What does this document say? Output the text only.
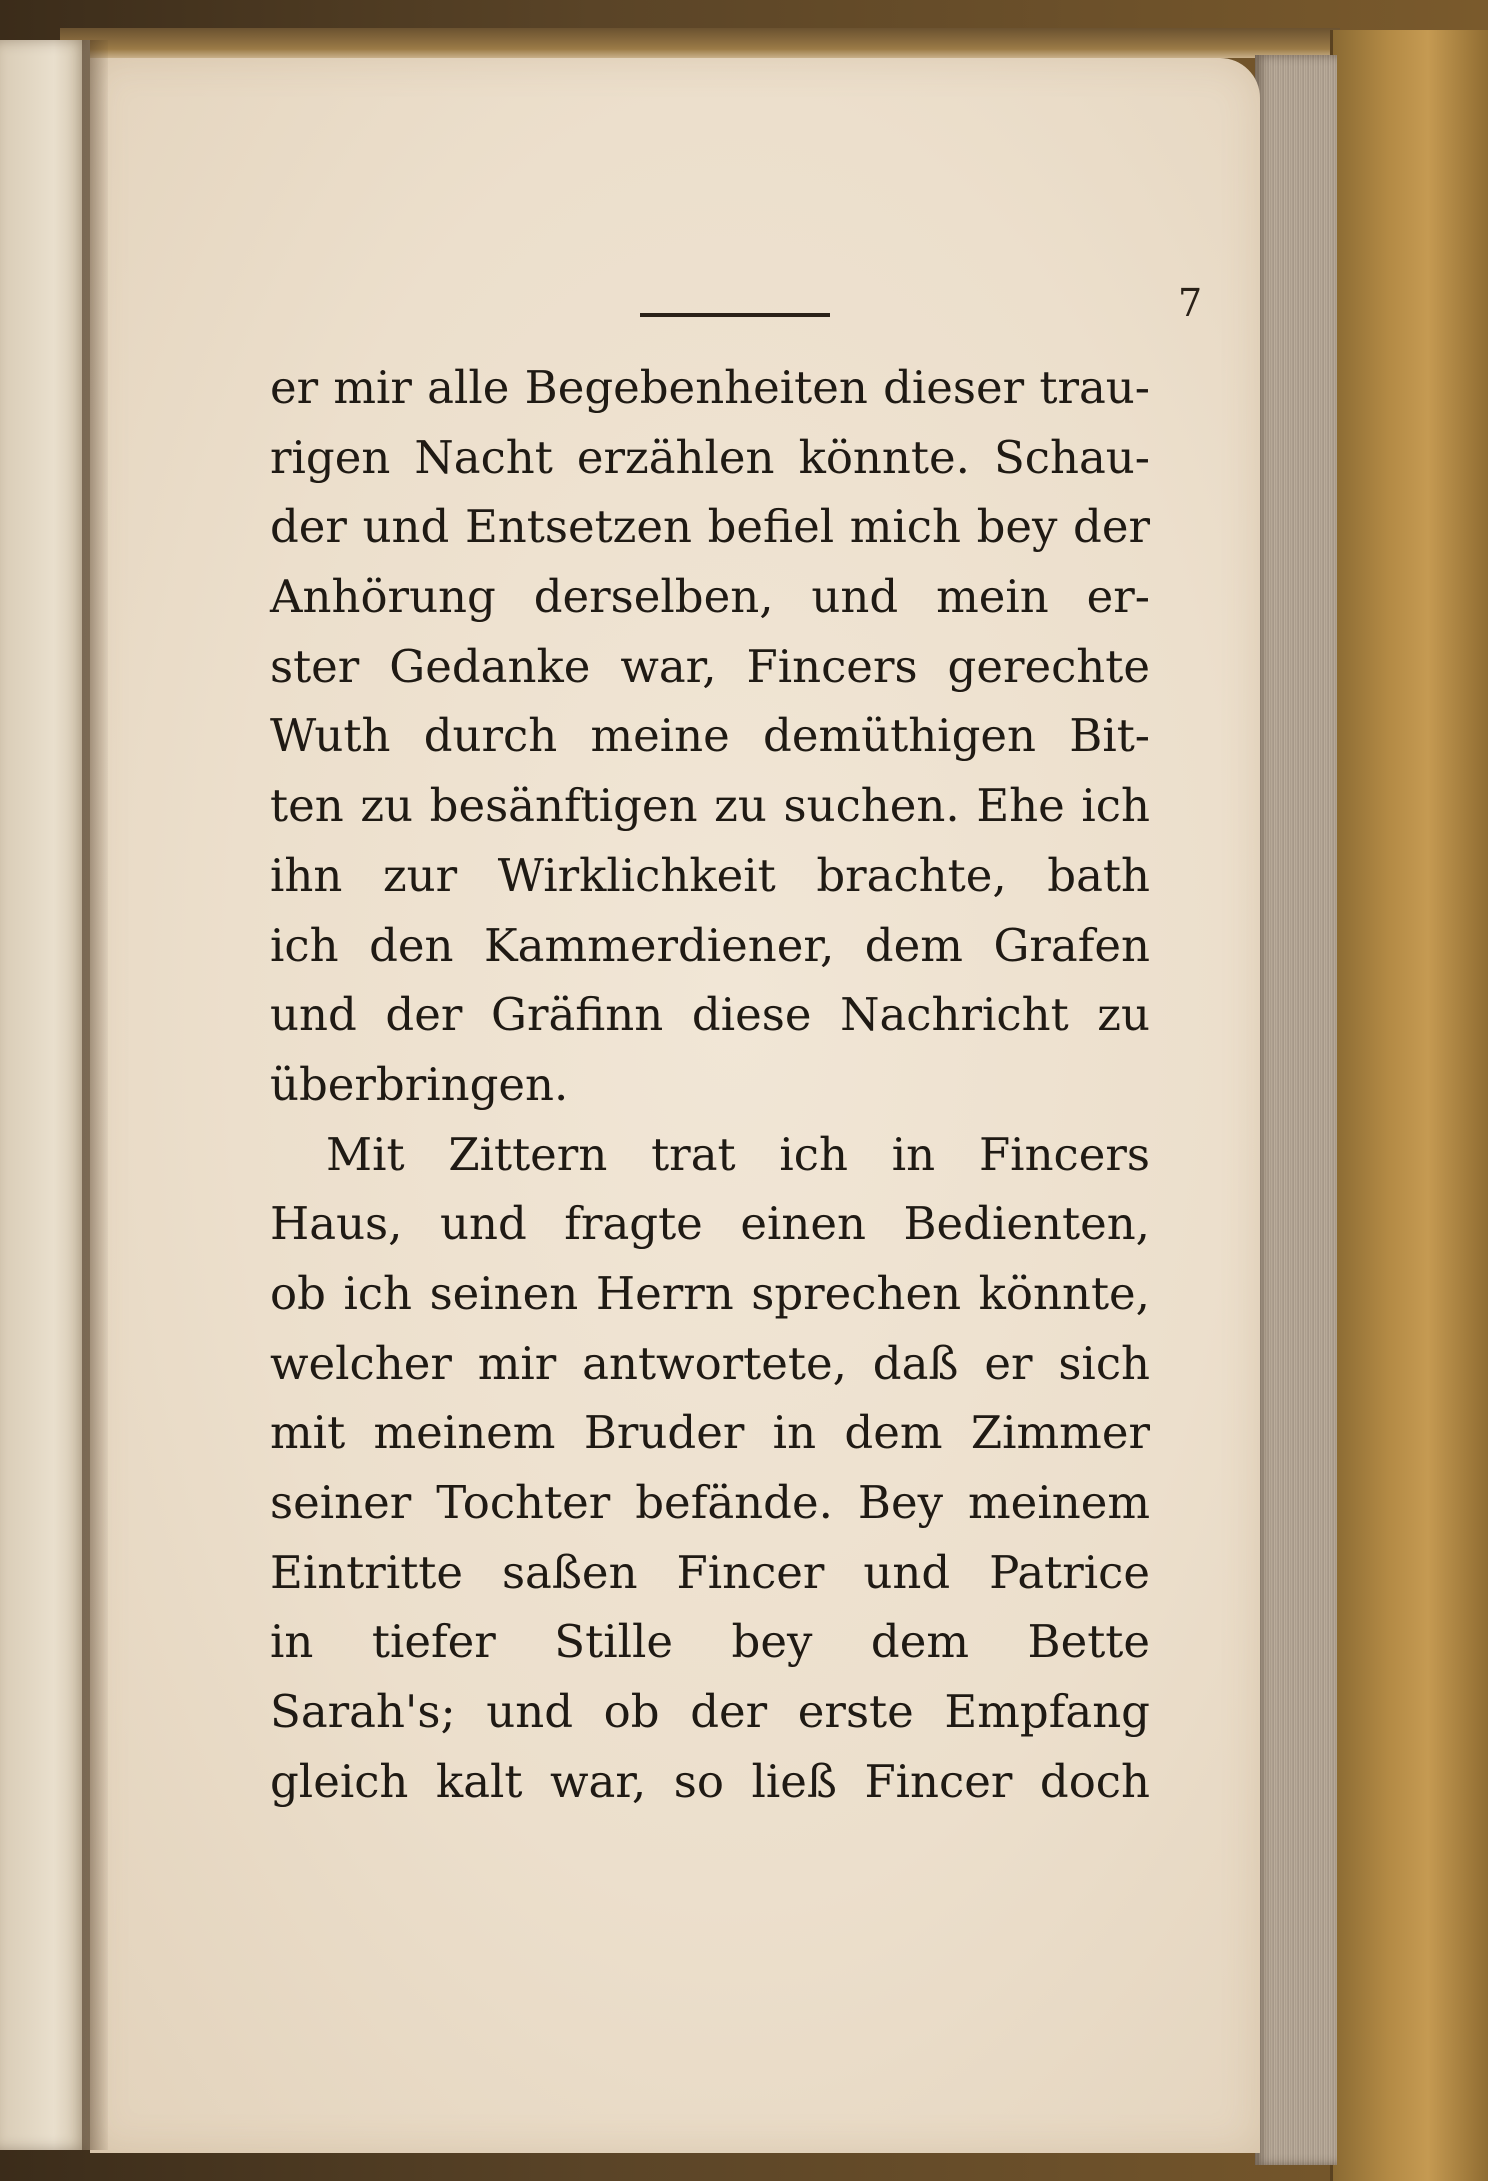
7
er mir alle Begebenheiten dieser trau-
rigen Nacht erzählen könnte. Schau-
der und Entsetzen befiel mich bey der
Anhörung derselben, und mein er-
ster Gedanke war, Fincers gerechte
Wuth durch meine demüthigen Bit-
ten zu besänftigen zu suchen. Ehe ich
ihn zur Wirklichkeit brachte, bath
ich den Kammerdiener, dem Grafen
und der Gräfinn diese Nachricht zu
überbringen.
Mit Zittern trat ich in Fincers
Haus, und fragte einen Bedienten,
ob ich seinen Herrn sprechen könnte,
welcher mir antwortete, daß er sich
mit meinem Bruder in dem Zimmer
seiner Tochter befände. Bey meinem
Eintritte saßen Fincer und Patrice
in tiefer Stille bey dem Bette
Sarah's; und ob der erste Empfang
gleich kalt war, so ließ Fincer doch
